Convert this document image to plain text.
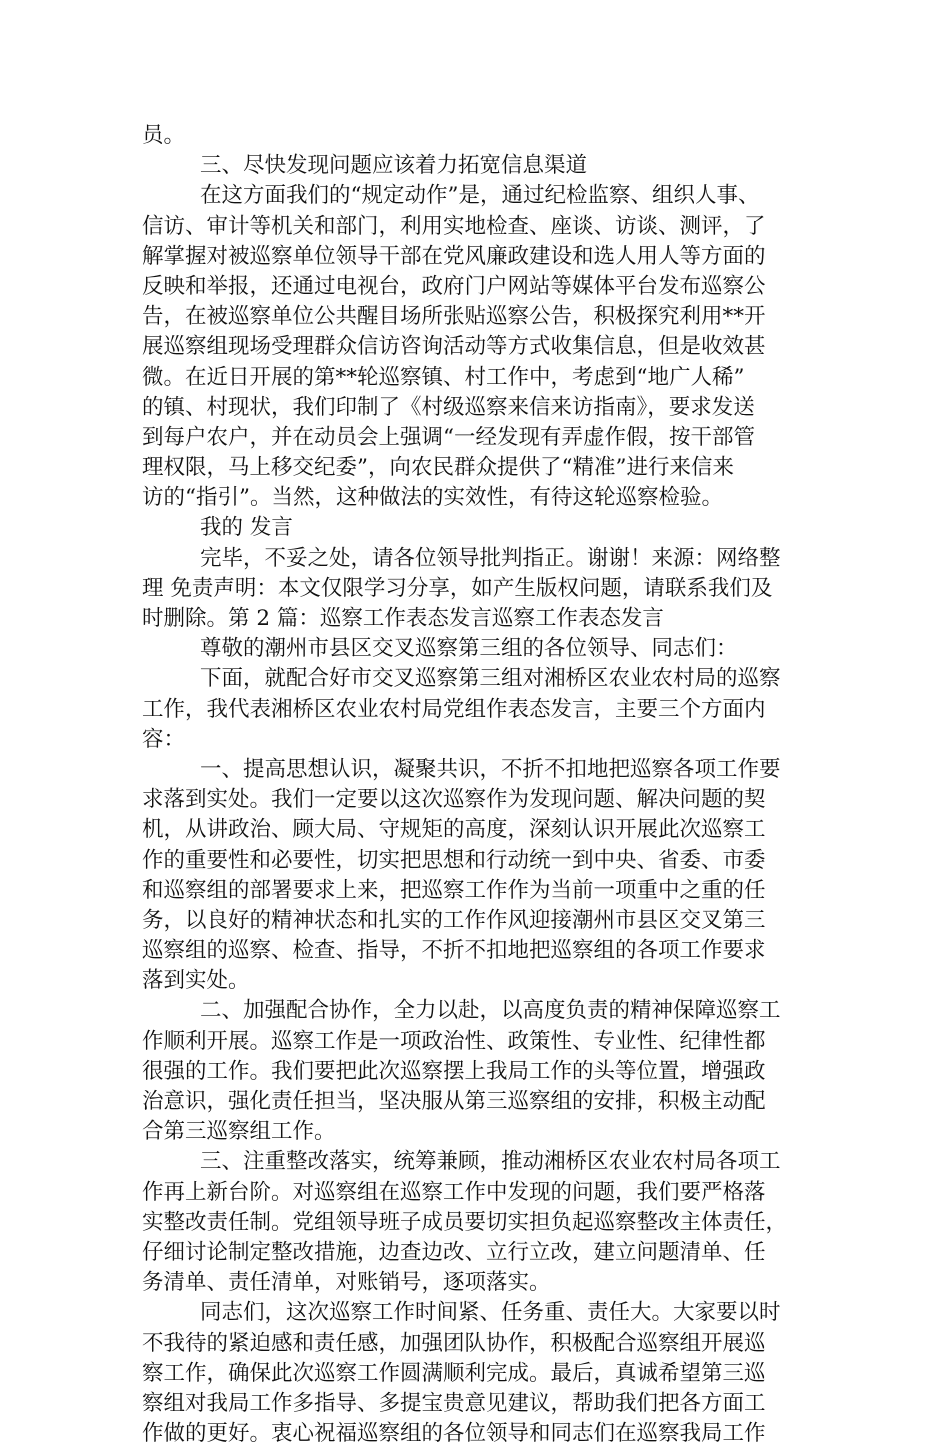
员。
三、尽快发现问题应该着力拓宽信息渠道
在这方面我们的“规定动作”是，通过纪检监察、组织人事、
信访、审计等机关和部门，利用实地检查、座谈、访谈、测评，了
解掌握对被巡察单位领导干部在党风廉政建设和选人用人等方面的
反映和举报，还通过电视台，政府门户网站等媒体平台发布巡察公
告，在被巡察单位公共醒目场所张贴巡察公告，积极探究利用**开
展巡察组现场受理群众信访咨询活动等方式收集信息，但是收效甚
微。在近日开展的第**轮巡察镇、村工作中，考虑到“地广人稀”
的镇、村现状，我们印制了《村级巡察来信来访指南》，要求发送
到每户农户，并在动员会上强调“一经发现有弄虚作假，按干部管
理权限，马上移交纪委”，向农民群众提供了“精准”进行来信来
访的“指引”。当然，这种做法的实效性，有待这轮巡察检验。
我的 发言
完毕，不妥之处，请各位领导批判指正。谢谢！来源：网络整
理 免责声明：本文仅限学习分享，如产生版权问题，请联系我们及
时删除。第 2 篇：巡察工作表态发言巡察工作表态发言
尊敬的潮州市县区交叉巡察第三组的各位领导、同志们：
下面，就配合好市交叉巡察第三组对湘桥区农业农村局的巡察
工作，我代表湘桥区农业农村局党组作表态发言，主要三个方面内
容：
一、提高思想认识，凝聚共识，不折不扣地把巡察各项工作要
求落到实处。我们一定要以这次巡察作为发现问题、解决问题的契
机，从讲政治、顾大局、守规矩的高度，深刻认识开展此次巡察工
作的重要性和必要性，切实把思想和行动统一到中央、省委、市委
和巡察组的部署要求上来，把巡察工作作为当前一项重中之重的任
务，以良好的精神状态和扎实的工作作风迎接潮州市县区交叉第三
巡察组的巡察、检查、指导，不折不扣地把巡察组的各项工作要求
落到实处。
二、加强配合协作，全力以赴，以高度负责的精神保障巡察工
作顺利开展。巡察工作是一项政治性、政策性、专业性、纪律性都
很强的工作。我们要把此次巡察摆上我局工作的头等位置，增强政
治意识，强化责任担当，坚决服从第三巡察组的安排，积极主动配
合第三巡察组工作。
三、注重整改落实，统筹兼顾，推动湘桥区农业农村局各项工
作再上新台阶。对巡察组在巡察工作中发现的问题，我们要严格落
实整改责任制。党组领导班子成员要切实担负起巡察整改主体责任，
仔细讨论制定整改措施，边查边改、立行立改，建立问题清单、任
务清单、责任清单，对账销号，逐项落实。
同志们，这次巡察工作时间紧、任务重、责任大。大家要以时
不我待的紧迫感和责任感，加强团队协作，积极配合巡察组开展巡
察工作，确保此次巡察工作圆满顺利完成。最后，真诚希望第三巡
察组对我局工作多指导、多提宝贵意见建议，帮助我们把各方面工
作做的更好。衷心祝福巡察组的各位领导和同志们在巡察我局工作
